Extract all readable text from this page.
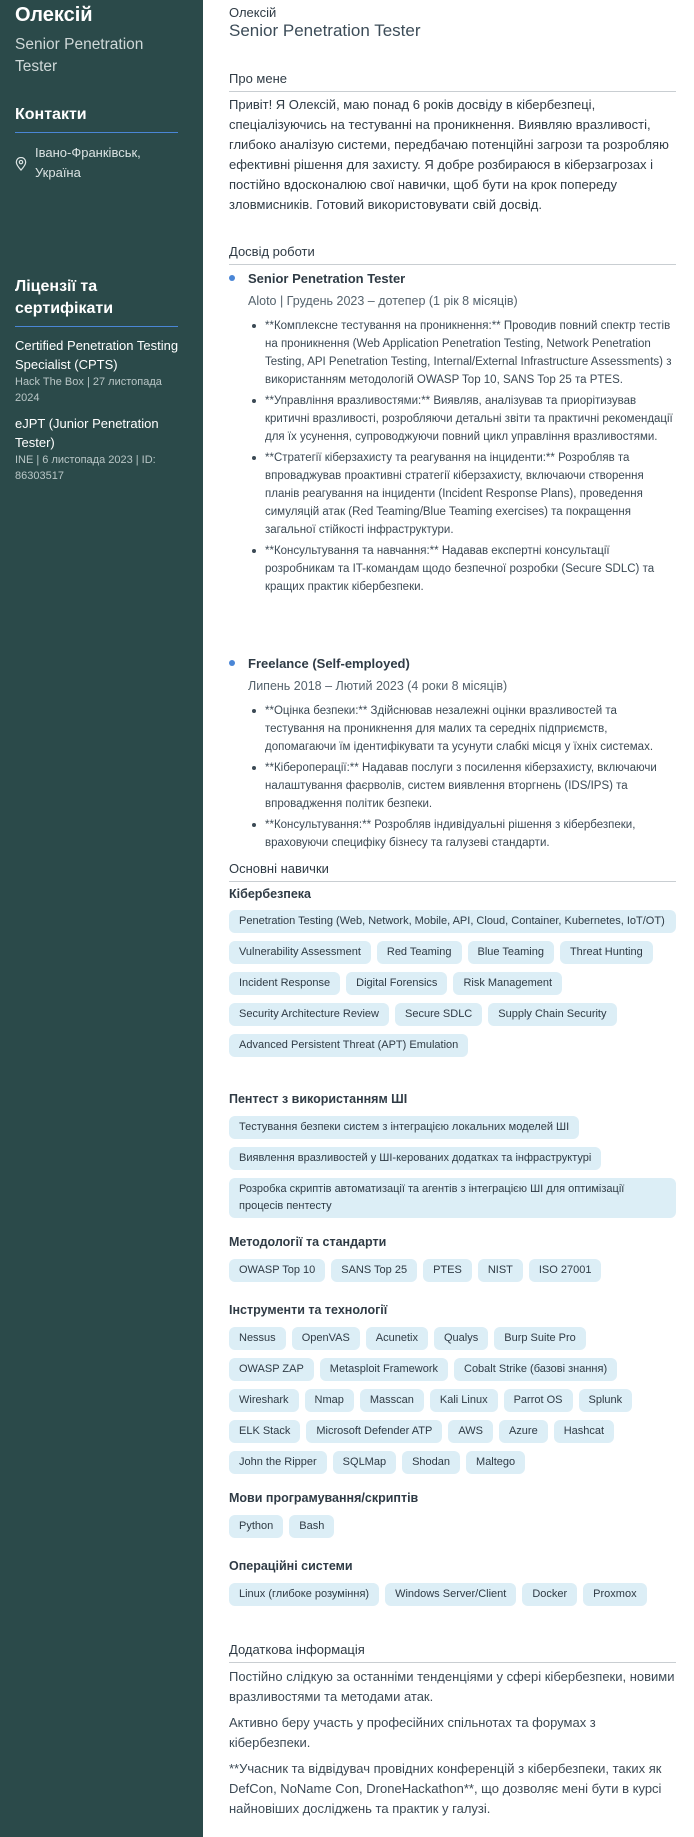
Олексій
Senior Penetration Tester
Контакти
Івано-Франківськ, Україна
Ліцензії та сертифікати
Certified Penetration Testing Specialist (CPTS)
Hack The Box | 27 листопада 2024
eJPT (Junior Penetration Tester)
INE | 6 листопада 2023 | ID: 86303517
Олексій
Senior Penetration Tester
Про мене
Привіт! Я Олексій, маю понад 6 років досвіду в кібербезпеці, спеціалізуючись на тестуванні на проникнення. Виявляю вразливості, глибоко аналізую системи, передбачаю потенційні загрози та розробляю ефективні рішення для захисту. Я добре розбираюся в кіберзагрозах і постійно вдосконалюю свої навички, щоб бути на крок попереду зловмисників. Готовий використовувати свій досвід.
Досвід роботи
Senior Penetration Tester
Aloto | Грудень 2023 – дотепер (1 рік 8 місяців)
**Комплексне тестування на проникнення:** Проводив повний спектр тестів на проникнення (Web Application Penetration Testing, Network Penetration Testing, API Penetration Testing, Internal/External Infrastructure Assessments) з використанням методологій OWASP Top 10, SANS Top 25 та PTES.
**Управління вразливостями:** Виявляв, аналізував та приорітизував критичні вразливості, розробляючи детальні звіти та практичні рекомендації для їх усунення, супроводжуючи повний цикл управління вразливостями.
**Стратегії кіберзахисту та реагування на інциденти:** Розробляв та впроваджував проактивні стратегії кіберзахисту, включаючи створення планів реагування на інциденти (Incident Response Plans), проведення симуляцій атак (Red Teaming/Blue Teaming exercises) та покращення загальної стійкості інфраструктури.
**Консультування та навчання:** Надавав експертні консультації розробникам та IT-командам щодо безпечної розробки (Secure SDLC) та кращих практик кібербезпеки.
Freelance (Self-employed)
Липень 2018 – Лютий 2023 (4 роки 8 місяців)
**Оцінка безпеки:** Здійснював незалежні оцінки вразливостей та тестування на проникнення для малих та середніх підприємств, допомагаючи їм ідентифікувати та усунути слабкі місця у їхніх системах.
**Кібероперації:** Надавав послуги з посилення кіберзахисту, включаючи налаштування фаєрволів, систем виявлення вторгнень (IDS/IPS) та впровадження політик безпеки.
**Консультування:** Розробляв індивідуальні рішення з кібербезпеки, враховуючи специфіку бізнесу та галузеві стандарти.
Основні навички
Кібербезпека
Penetration Testing (Web, Network, Mobile, API, Cloud, Container, Kubernetes, IoT/OT)
Vulnerability Assessment	Red Teaming	Blue Teaming	Threat Hunting
Incident Response	Digital Forensics	Risk Management
Security Architecture Review	Secure SDLC	Supply Chain Security
Advanced Persistent Threat (APT) Emulation
Пентест з використанням ШІ
Тестування безпеки систем з інтеграцією локальних моделей ШІ
Виявлення вразливостей у ШІ-керованих додатках та інфраструктурі
Розробка скриптів автоматизації та агентів з інтеграцією ШІ для оптимізації процесів пентесту
Методології та стандарти
OWASP Top 10	SANS Top 25	PTES	NIST	ISO 27001
Інструменти та технології
Nessus	OpenVAS	Acunetix	Qualys	Burp Suite Pro
OWASP ZAP	Metasploit Framework	Cobalt Strike (базові знання)
Wireshark	Nmap	Masscan	Kali Linux	Parrot OS	Splunk
ELK Stack	Microsoft Defender ATP	AWS	Azure	Hashcat
John the Ripper	SQLMap	Shodan	Maltego
Мови програмування/скриптів
Python	Bash
Операційні системи
Linux (глибоке розуміння)	Windows Server/Client	Docker	Proxmox
Додаткова інформація
Постійно слідкую за останніми тенденціями у сфері кібербезпеки, новими вразливостями та методами атак.
Активно беру участь у професійних спільнотах та форумах з кібербезпеки.
**Учасник та відвідувач провідних конференцій з кібербезпеки, таких як DefCon, NoName Con, DroneHackathon**, що дозволяє мені бути в курсі найновіших досліджень та практик у галузі.
